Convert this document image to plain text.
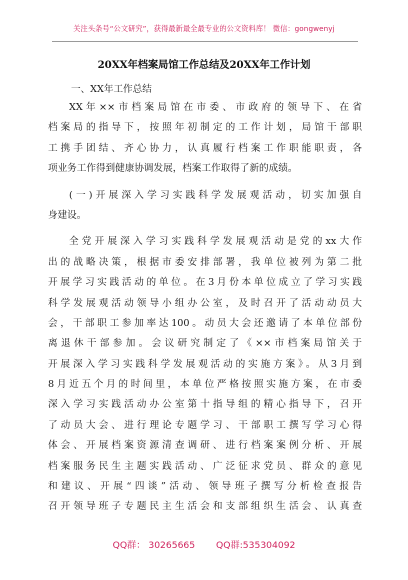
关注头条号“公文研究”，获得最新最全最专业的公文资料库！ 微信：gongwenyj
20XX年档案局馆工作总结及20XX年工作计划
一、XX年工作总结
XX年××市档案局馆在市委、市政府的领导下、在省
档案局的指导下，按照年初制定的工作计划，局馆干部职
工携手团结、齐心协力，认真履行档案工作职能职责，各
项业务工作得到健康协调发展，档案工作取得了新的成绩。
(一)开展深入学习实践科学发展观活动，切实加强自
身建设。
全党开展深入学习实践科学发展观活动是党的xx大作
出的战略决策，根据市委安排部署，我单位被列为第二批
开展学习实践活动的单位。在3月份本单位成立了学习实践
科学发展观活动领导小组办公室，及时召开了活动动员大
会，干部职工参加率达100。动员大会还邀请了本单位部份
离退休干部参加。会议研究制定了《××市档案局馆关于
开展深入学习实践科学发展观活动的实施方案》。从3月到
8月近五个月的时间里，本单位严格按照实施方案，在市委
深入学习实践活动办公室第十指导组的精心指导下，召开
了动员大会、进行理论专题学习、干部职工撰写学习心得
体会、开展档案资源清查调研、进行档案案例分析、开展
档案服务民生主题实践活动、广泛征求党员、群众的意见
和建议、开展“四谈”活动、领导班子撰写分析检查报告
召开领导班子专题民主生活会和支部组织生活会、认真查
QQ群： 30265665 QQ群:535304092
